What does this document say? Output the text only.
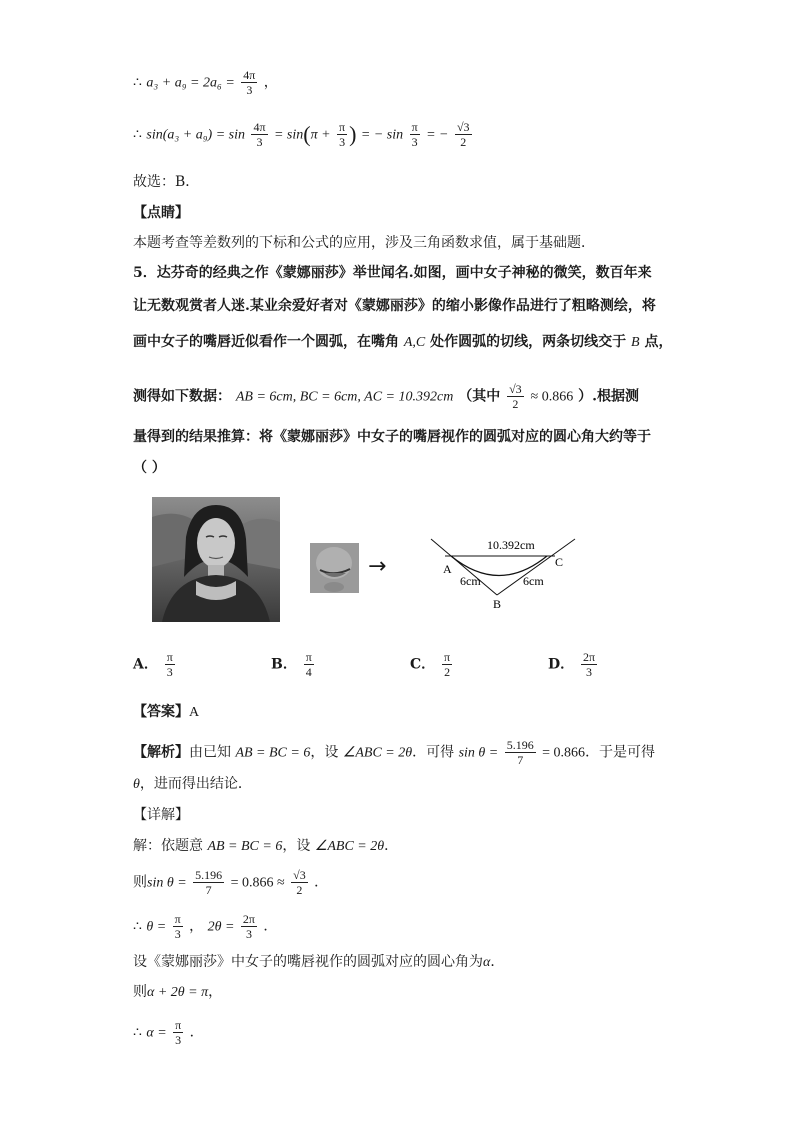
∴ $a_3 + a_9 = 2a_6 = \frac{4\pi}{3}$ ，
∴ $\sin(a_3 + a_9) = \sin \frac{4\pi}{3} = \sin(\pi + \frac{\pi}{3}$ ) = − $\sin \frac{\pi}{3}$ = − $\frac{√3}{2}$
故选：B．
【点睛】
本题考查等差数列的下标和公式的应用，涉及三角函数求值，属于基础题．
5．达芬奇的经典之作《蒙娜丽莎》举世闻名.如图，画中女子神秘的微笑，数百年来
让无数观赏者人迷.某业余爱好者对《蒙娜丽莎》的缩小影像作品进行了粗略测绘，将
画中女子的嘴唇近似看作一个圆弧，在嘴角 A,C 处作圆弧的切线，两条切线交于 B 点，
测得如下数据： AB = 6cm, BC = 6cm, AC = 10.392cm （其中 $\frac{√3}{2} \approx 0.866$ ）.根据测
量得到的结果推算：将《蒙娜丽莎》中女子的嘴唇视作的圆弧对应的圆心角大约等于
（ ）
→
10.392cm
6cm	6cm
A	C
B
A． $\frac{\pi}{3}$	B． $\frac{\pi}{4}$	C． $\frac{\pi}{2}$	D． $\frac{2\pi}{3}$
【答案】A
【解析】由已知 AB = BC = 6，设 ∠ABC = 2θ．可得 $\sin \theta = \frac{5.196}{7} = 0.866$．于是可得
θ，进而得出结论．
【详解】
解：依题意 AB = BC = 6，设 ∠ABC = 2θ．
则$\sin \theta = \frac{5.196}{7} = 0.866 \approx \frac{√3}{2}$ ．
∴ $\theta = \frac{\pi}{3}$ ， $2\theta = \frac{2\pi}{3}$ ．
设《蒙娜丽莎》中女子的嘴唇视作的圆弧对应的圆心角为α．
则α + 2θ = π，
∴ $\alpha = \frac{\pi}{3}$ ．
